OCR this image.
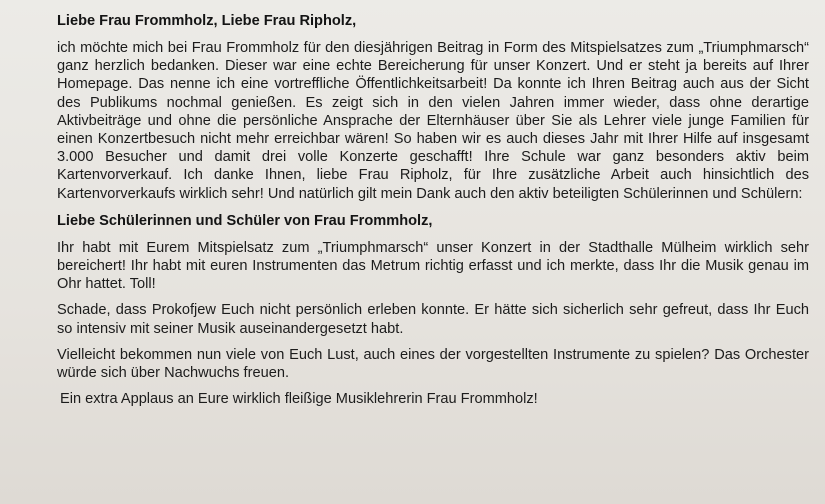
Liebe Frau Frommholz, Liebe Frau Ripholz,

ich möchte mich bei Frau Frommholz für den diesjährigen Beitrag in Form des Mitspielsatzes zum „Triumphmarsch“ ganz herzlich bedanken. Dieser war eine echte Bereicherung für unser Konzert. Und er steht ja bereits auf Ihrer Homepage. Das nenne ich eine vortreffliche Öffentlichkeitsarbeit! Da konnte ich Ihren Beitrag auch aus der Sicht des Publikums nochmal genießen. Es zeigt sich in den vielen Jahren immer wieder, dass ohne derartige Aktivbeiträge und ohne die persönliche Ansprache der Elternhäuser über Sie als Lehrer viele junge Familien für einen Konzertbesuch nicht mehr erreichbar wären! So haben wir es auch dieses Jahr mit Ihrer Hilfe auf insgesamt 3.000 Besucher und damit drei volle Konzerte geschafft! Ihre Schule war ganz besonders aktiv beim Kartenvorverkauf. Ich danke Ihnen, liebe Frau Ripholz, für Ihre zusätzliche Arbeit auch hinsichtlich des Kartenvorverkaufs wirklich sehr! Und natürlich gilt mein Dank auch den aktiv beteiligten Schülerinnen und Schülern:

Liebe Schülerinnen und Schüler von Frau Frommholz,

Ihr habt mit Eurem Mitspielsatz zum „Triumphmarsch“ unser Konzert in der Stadthalle Mülheim wirklich sehr bereichert! Ihr habt mit euren Instrumenten das Metrum richtig erfasst und ich merkte, dass Ihr die Musik genau im Ohr hattet. Toll!

Schade, dass Prokofjew Euch nicht persönlich erleben konnte. Er hätte sich sicherlich sehr gefreut, dass Ihr Euch so intensiv mit seiner Musik auseinandergesetzt habt.

Vielleicht bekommen nun viele von Euch Lust, auch eines der vorgestellten Instrumente zu spielen? Das Orchester würde sich über Nachwuchs freuen.

Ein extra Applaus an Eure wirklich fleißige Musiklehrerin Frau Frommholz!
